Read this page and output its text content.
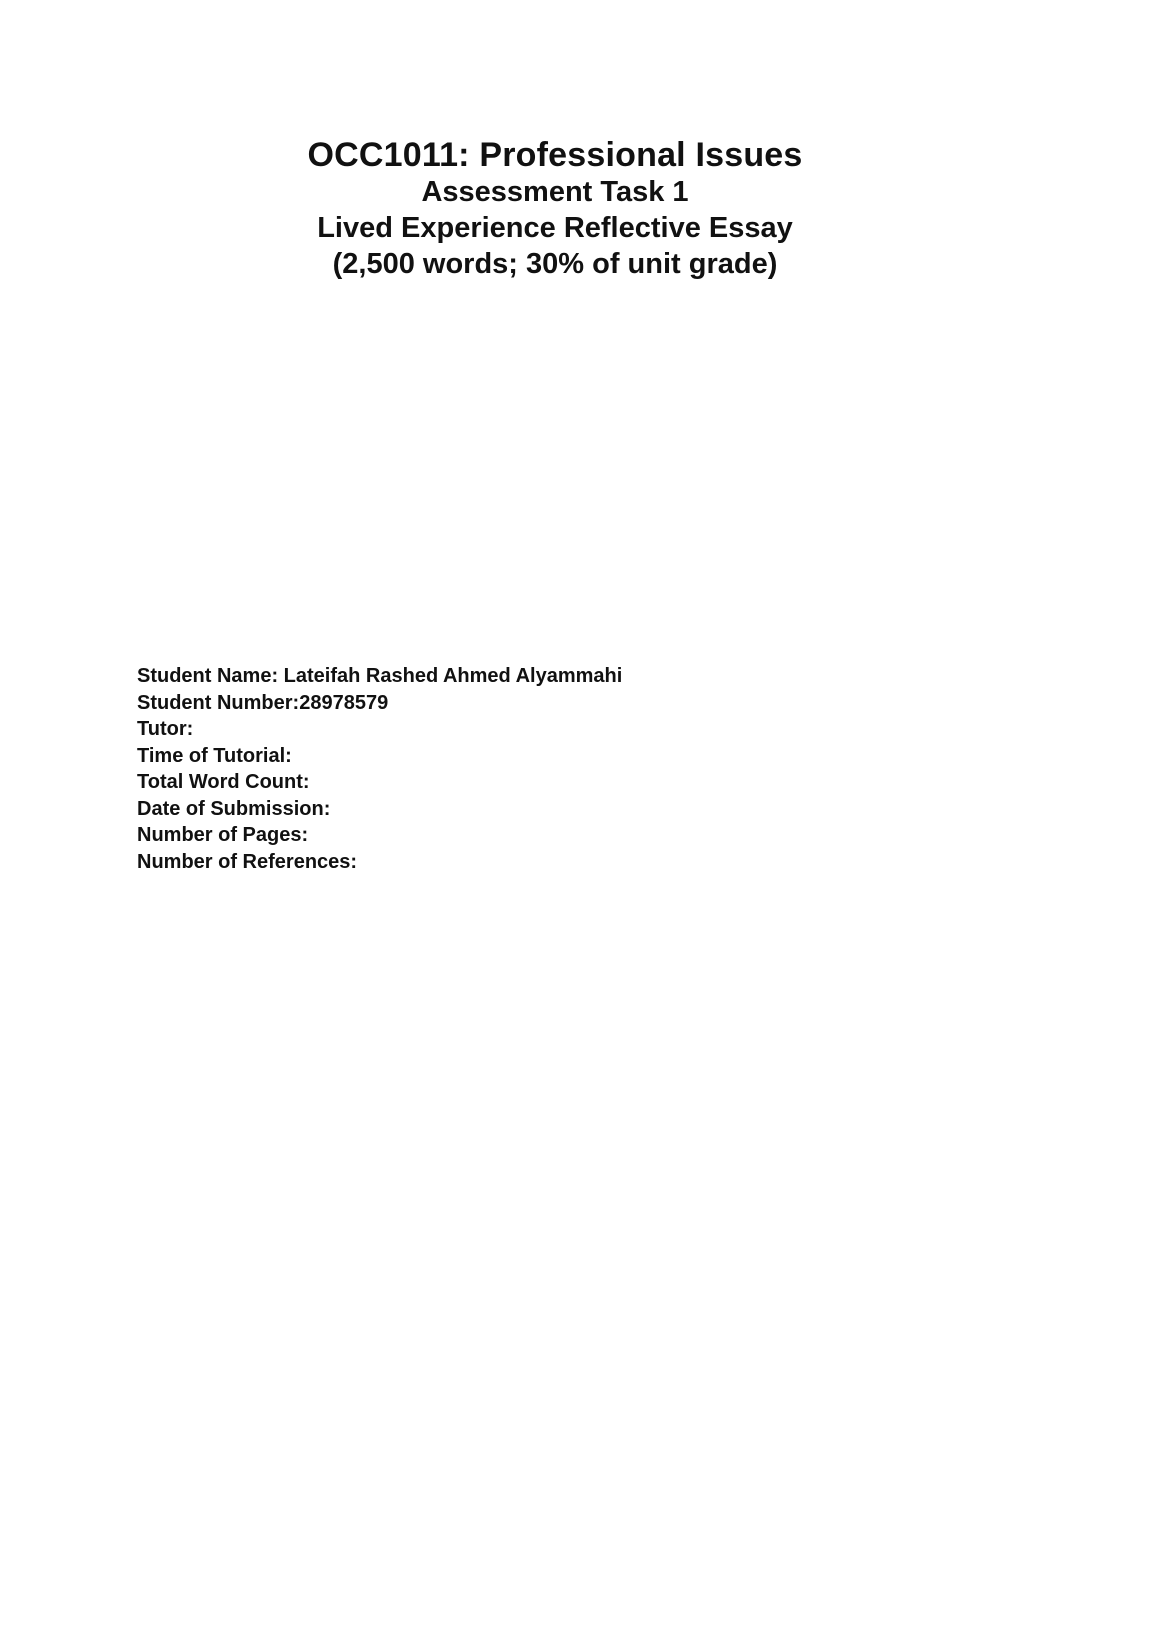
OCC1011: Professional Issues
Assessment Task 1
Lived Experience Reflective Essay
(2,500 words; 30% of unit grade)
Student Name: Lateifah Rashed Ahmed Alyammahi
Student Number:28978579
Tutor:
Time of Tutorial:
Total Word Count:
Date of Submission:
Number of Pages:
Number of References:
